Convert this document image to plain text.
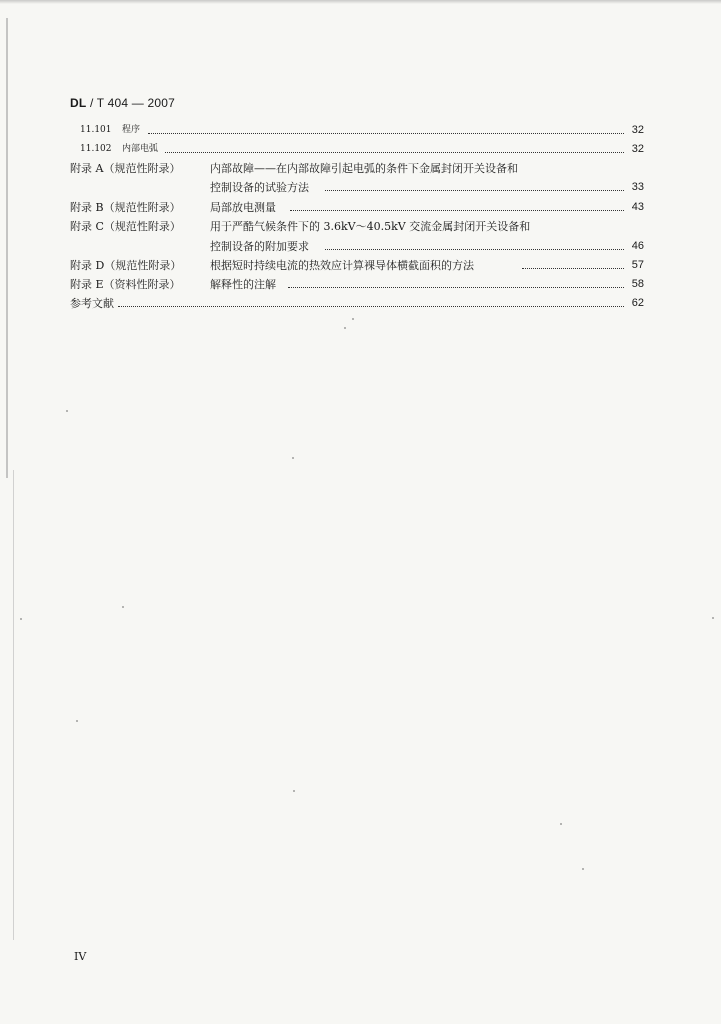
DL / T 404 — 2007
11.101 程序	32
11.102 内部电弧	32
附录 A（规范性附录）	内部故障——在内部故障引起电弧的条件下金属封闭开关设备和
控制设备的试验方法	33
附录 B（规范性附录）	局部放电测量	43
附录 C（规范性附录）	用于严酷气候条件下的 3.6kV～40.5kV 交流金属封闭开关设备和
控制设备的附加要求	46
附录 D（规范性附录）	根据短时持续电流的热效应计算裸导体横截面积的方法	57
附录 E（资料性附录）	解释性的注解	58
参考文献	62
IV
